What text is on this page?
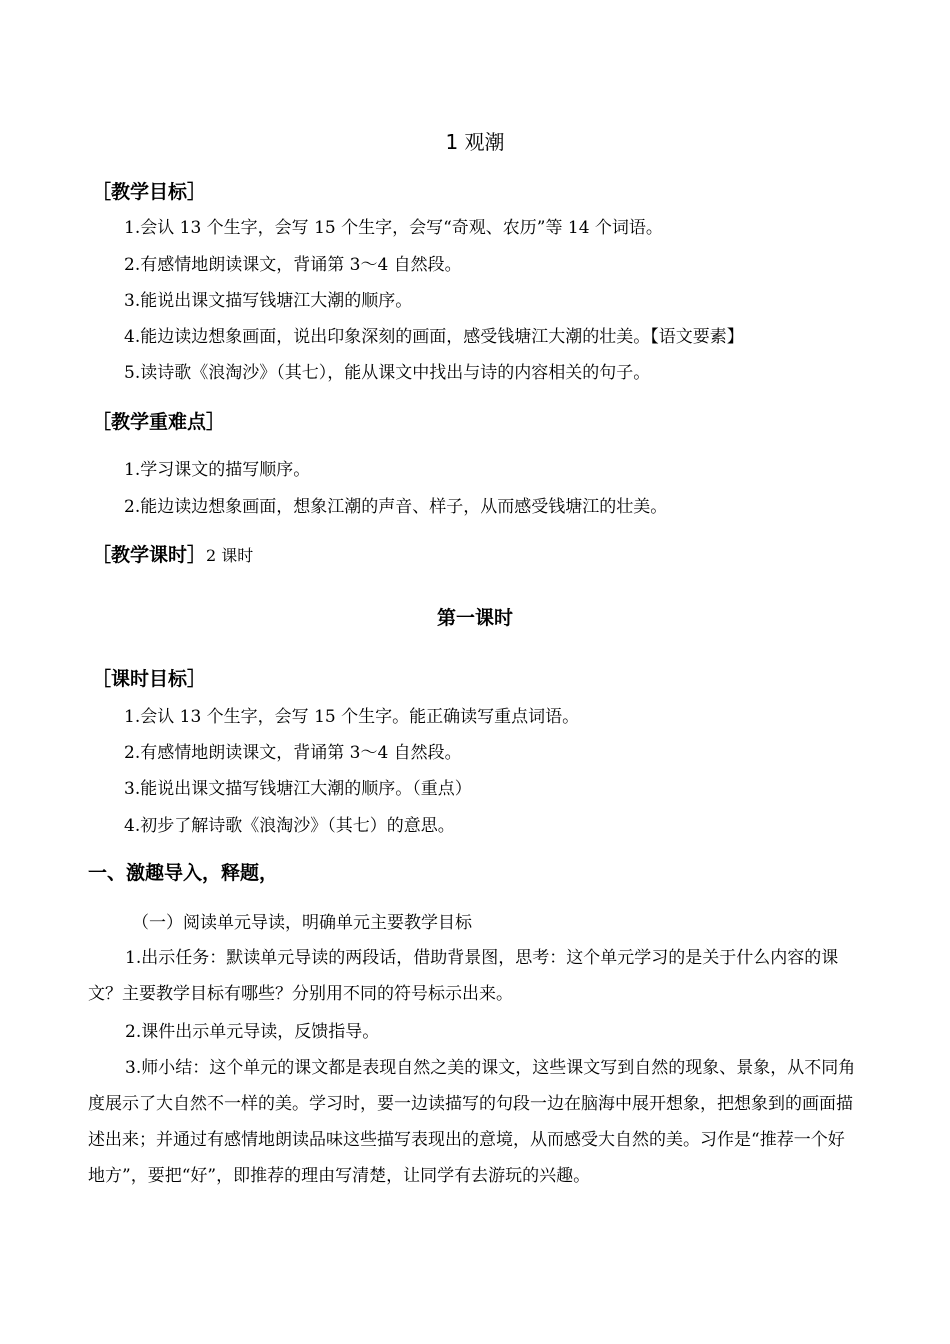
1 观潮
［教学目标］
1.会认 13 个生字，会写 15 个生字，会写“奇观、农历”等 14 个词语。
2.有感情地朗读课文，背诵第 3～4 自然段。
3.能说出课文描写钱塘江大潮的顺序。
4.能边读边想象画面，说出印象深刻的画面，感受钱塘江大潮的壮美。【语文要素】
5.读诗歌《浪淘沙》（其七），能从课文中找出与诗的内容相关的句子。
［教学重难点］
1.学习课文的描写顺序。
2.能边读边想象画面，想象江潮的声音、样子，从而感受钱塘江的壮美。
［教学课时］2 课时
第一课时
［课时目标］
1.会认 13 个生字，会写 15 个生字。能正确读写重点词语。
2.有感情地朗读课文，背诵第 3～4 自然段。
3.能说出课文描写钱塘江大潮的顺序。（重点）
4.初步了解诗歌《浪淘沙》（其七）的意思。
一、激趣导入，释题，
（一）阅读单元导读，明确单元主要教学目标
1.出示任务：默读单元导读的两段话，借助背景图，思考：这个单元学习的是关于什么内容的课文？主要教学目标有哪些？分别用不同的符号标示出来。
2.课件出示单元导读，反馈指导。
3.师小结：这个单元的课文都是表现自然之美的课文，这些课文写到自然的现象、景象，从不同角度展示了大自然不一样的美。学习时，要一边读描写的句段一边在脑海中展开想象，把想象到的画面描述出来；并通过有感情地朗读品味这些描写表现出的意境，从而感受大自然的美。习作是“推荐一个好地方”，要把“好”，即推荐的理由写清楚，让同学有去游玩的兴趣。
